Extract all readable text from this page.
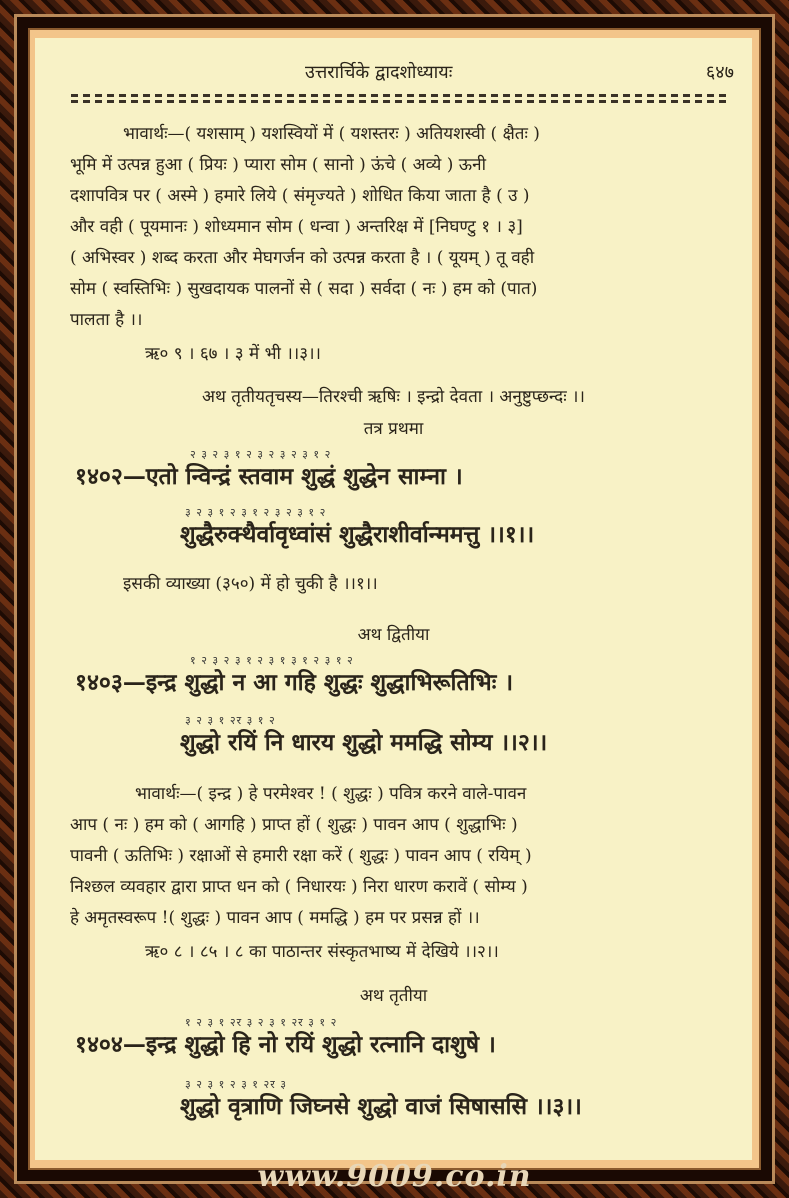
उत्तरार्चिके द्वादशोध्यायः	६४७
भावार्थः—( यशसाम् ) यशस्वियों में ( यशस्तरः ) अतियशस्वी ( क्षैतः )
भूमि में उत्पन्न हुआ ( प्रियः ) प्यारा सोम ( सानो ) ऊंचे ( अव्ये ) ऊनी
दशापवित्र पर ( अस्मे ) हमारे लिये ( संमृज्यते ) शोधित किया जाता है ( उ )
और वही ( पूयमानः ) शोध्यमान सोम ( धन्वा ) अन्तरिक्ष में [निघण्टु १ । ३]
( अभिस्वर ) शब्द करता और मेघगर्जन को उत्पन्न करता है । ( यूयम् ) तू वही
सोम ( स्वस्तिभिः ) सुखदायक पालनों से ( सदा ) सर्वदा ( नः ) हम को (पात)
पालता है ।।
ऋ० ९ । ६७ । ३ में भी ।।३।।
अथ तृतीयतृचस्य—तिरश्ची ऋषिः । इन्द्रो देवता । अनुष्टुप्छन्दः ।।
तत्र प्रथमा
२ ३ २ ३ १ २ ३ २ ३ २ ३ १ २
१४०२—एतो न्विन्द्रं स्तवाम शुद्धं शुद्धेन साम्ना ।
३ २ ३ १ २ ३ १ २ ३ २ ३ १ २
शुद्धैरुक्थैर्वावृध्वांसं शुद्धैराशीर्वान्ममत्तु ।।१।।
इसकी व्याख्या (३५०) में हो चुकी है ।।१।।
अथ द्वितीया
१ २ ३ २ ३ १ २ ३ १ ३ १ २ ३ १ २
१४०३—इन्द्र शुद्धो न आ गहि शुद्धः शुद्धाभिरूतिभिः ।
३ २ ३ १ २र ३ १ २
शुद्धो रयिं नि धारय शुद्धो ममद्धि सोम्य ।।२।।
भावार्थः—( इन्द्र ) हे परमेश्वर ! ( शुद्धः ) पवित्र करने वाले-पावन
आप ( नः ) हम को ( आगहि ) प्राप्त हों ( शुद्धः ) पावन आप ( शुद्धाभिः )
पावनी ( ऊतिभिः ) रक्षाओं से हमारी रक्षा करें ( शुद्धः ) पावन आप ( रयिम् )
निश्छल व्यवहार द्वारा प्राप्त धन को ( निधारयः ) निरा धारण करावें ( सोम्य )
हे अमृतस्वरूप !( शुद्धः ) पावन आप ( ममद्धि ) हम पर प्रसन्न हों ।।
ऋ० ८ । ८५ । ८ का पाठान्तर संस्कृतभाष्य में देखिये ।।२।।
अथ तृतीया
१ २ ३ १ २र ३ २ ३ १ २र ३ १ २
१४०४—इन्द्र शुद्धो हि नो रयिं शुद्धो रत्नानि दाशुषे ।
३ २ ३ १ २ ३ १ २र ३
शुद्धो वृत्राणि जिघ्नसे शुद्धो वाजं सिषाससि ।।३।।
www.9009.co.in
